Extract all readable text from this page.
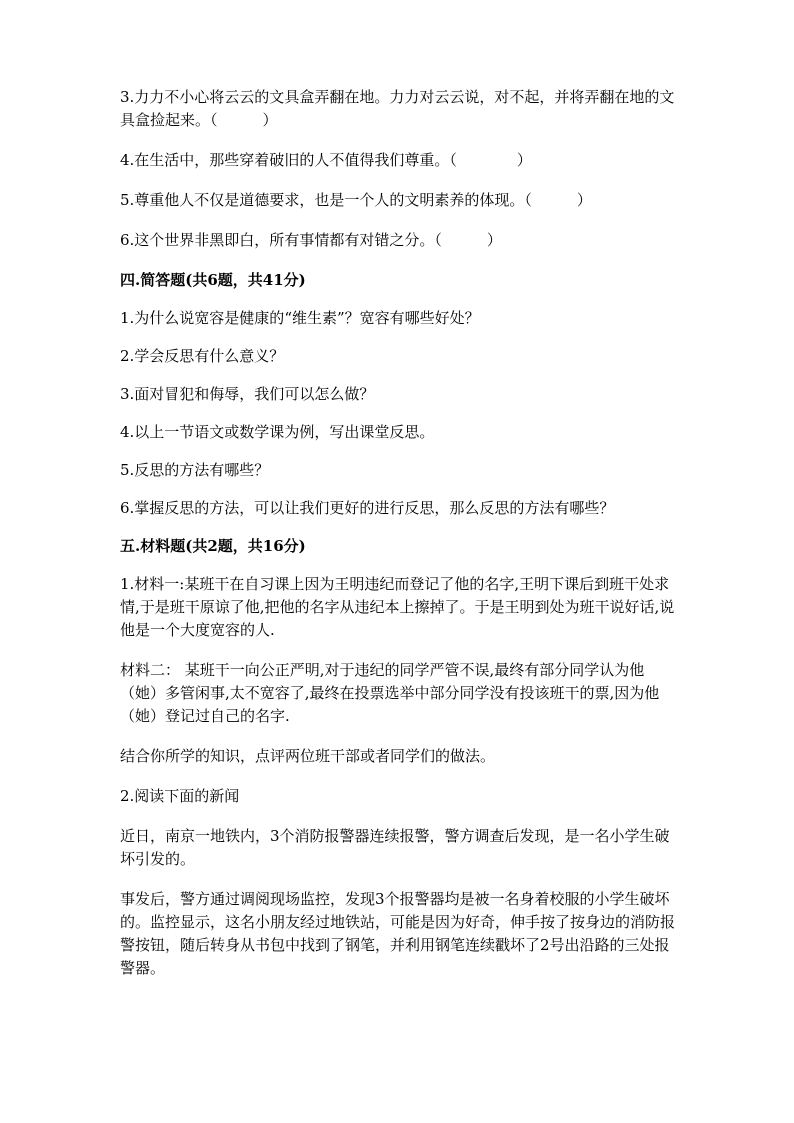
3.力力不小心将云云的文具盒弄翻在地。力力对云云说，对不起，并将弄翻在地的文具盒捡起来。（　　　）

4.在生活中，那些穿着破旧的人不值得我们尊重。（　　　　）

5.尊重他人不仅是道德要求，也是一个人的文明素养的体现。（　　　）

6.这个世界非黑即白，所有事情都有对错之分。（　　　）

四.简答题(共6题，共41分)

1.为什么说宽容是健康的“维生素”？宽容有哪些好处？

2.学会反思有什么意义？

3.面对冒犯和侮辱，我们可以怎么做？

4.以上一节语文或数学课为例，写出课堂反思。

5.反思的方法有哪些？

6.掌握反思的方法，可以让我们更好的进行反思，那么反思的方法有哪些？

五.材料题(共2题，共16分)

1.材料一:某班干在自习课上因为王明违纪而登记了他的名字,王明下课后到班干处求情,于是班干原谅了他,把他的名字从违纪本上擦掉了。于是王明到处为班干说好话,说他是一个大度宽容的人.

材料二： 某班干一向公正严明,对于违纪的同学严管不误,最终有部分同学认为他（她）多管闲事,太不宽容了,最终在投票选举中部分同学没有投该班干的票,因为他（她）登记过自己的名字.

结合你所学的知识，点评两位班干部或者同学们的做法。

2.阅读下面的新闻

近日，南京一地铁内，3个消防报警器连续报警，警方调查后发现，是一名小学生破坏引发的。

事发后，警方通过调阅现场监控，发现3个报警器均是被一名身着校服的小学生破坏的。监控显示，这名小朋友经过地铁站，可能是因为好奇，伸手按了按身边的消防报警按钮，随后转身从书包中找到了钢笔，并利用钢笔连续戳坏了2号出沿路的三处报警器。
